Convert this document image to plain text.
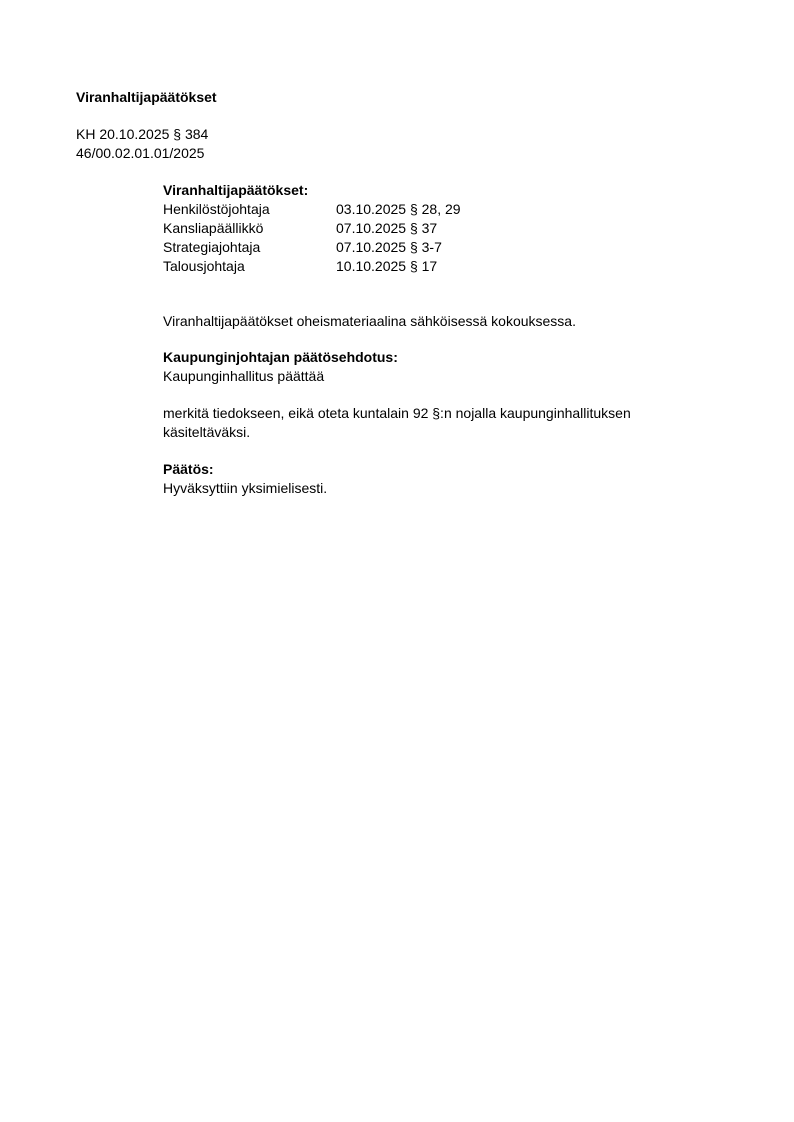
Viranhaltijapäätökset
KH 20.10.2025 § 384
46/00.02.01.01/2025
Viranhaltijapäätökset:
Henkilöstöjohtaja	03.10.2025 § 28, 29
Kansliapäällikkö	07.10.2025 § 37
Strategiajohtaja	07.10.2025 § 3-7
Talousjohtaja	10.10.2025 § 17
Viranhaltijapäätökset oheismateriaalina sähköisessä kokouksessa.
Kaupunginjohtajan päätösehdotus:
Kaupunginhallitus päättää
merkitä tiedokseen, eikä oteta kuntalain 92 §:n nojalla kaupunginhallituksen käsiteltäväksi.
Päätös:
Hyväksyttiin yksimielisesti.
